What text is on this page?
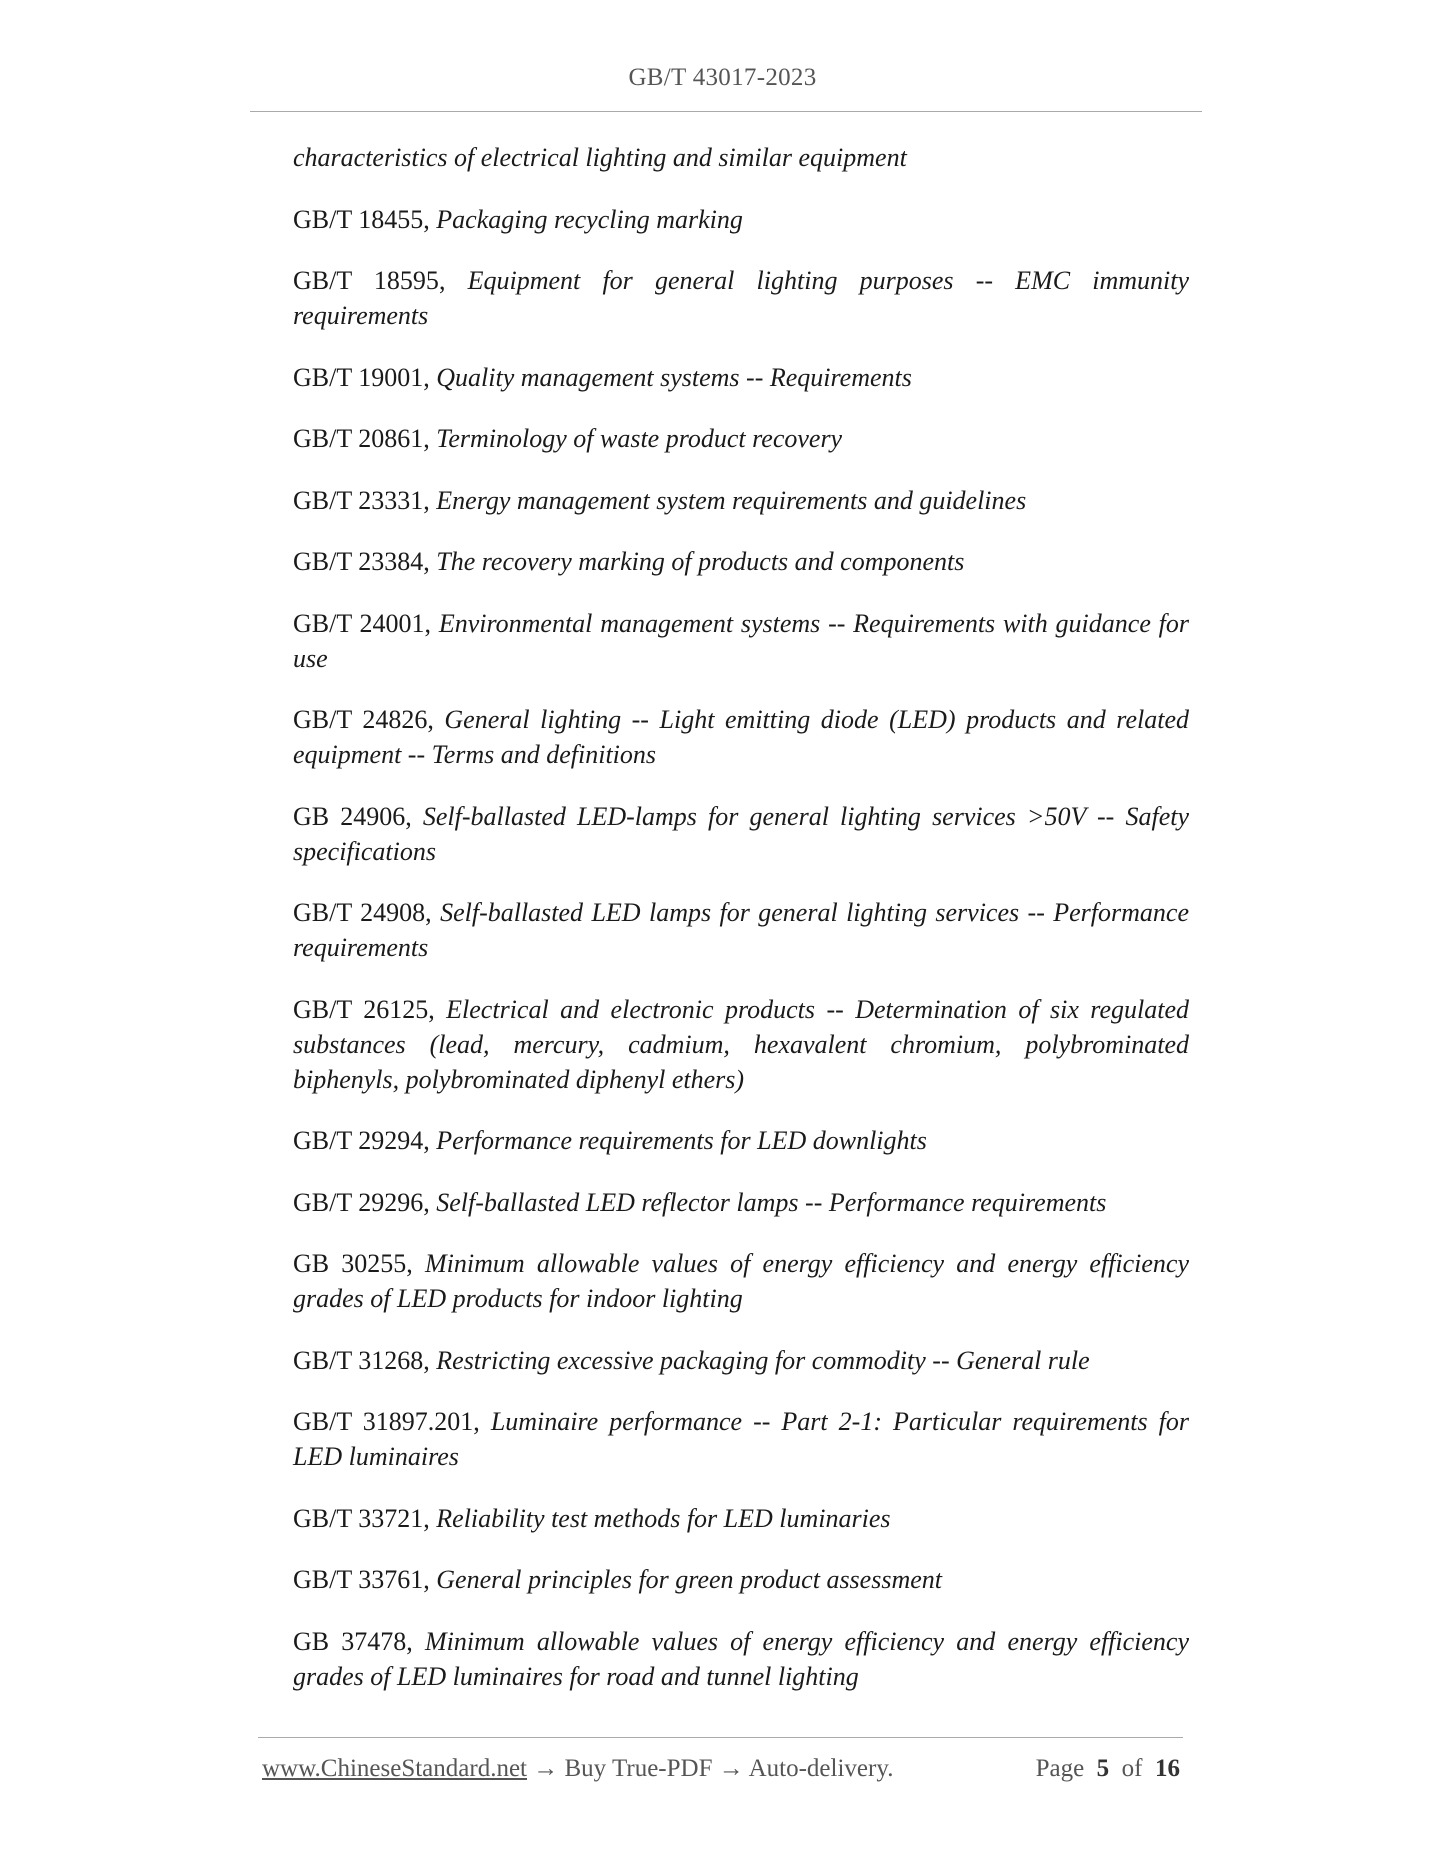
GB/T 43017-2023

characteristics of electrical lighting and similar equipment

GB/T 18455, Packaging recycling marking

GB/T 18595, Equipment for general lighting purposes -- EMC immunity requirements

GB/T 19001, Quality management systems -- Requirements

GB/T 20861, Terminology of waste product recovery

GB/T 23331, Energy management system requirements and guidelines

GB/T 23384, The recovery marking of products and components

GB/T 24001, Environmental management systems -- Requirements with guidance for use

GB/T 24826, General lighting -- Light emitting diode (LED) products and related equipment -- Terms and definitions

GB 24906, Self-ballasted LED-lamps for general lighting services >50V -- Safety specifications

GB/T 24908, Self-ballasted LED lamps for general lighting services -- Performance requirements

GB/T 26125, Electrical and electronic products -- Determination of six regulated substances (lead, mercury, cadmium, hexavalent chromium, polybrominated biphenyls, polybrominated diphenyl ethers)

GB/T 29294, Performance requirements for LED downlights

GB/T 29296, Self-ballasted LED reflector lamps -- Performance requirements

GB 30255, Minimum allowable values of energy efficiency and energy efficiency grades of LED products for indoor lighting

GB/T 31268, Restricting excessive packaging for commodity -- General rule

GB/T 31897.201, Luminaire performance -- Part 2-1: Particular requirements for LED luminaires

GB/T 33721, Reliability test methods for LED luminaries

GB/T 33761, General principles for green product assessment

GB 37478, Minimum allowable values of energy efficiency and energy efficiency grades of LED luminaires for road and tunnel lighting

www.ChineseStandard.net → Buy True-PDF → Auto-delivery.	Page 5 of 16
